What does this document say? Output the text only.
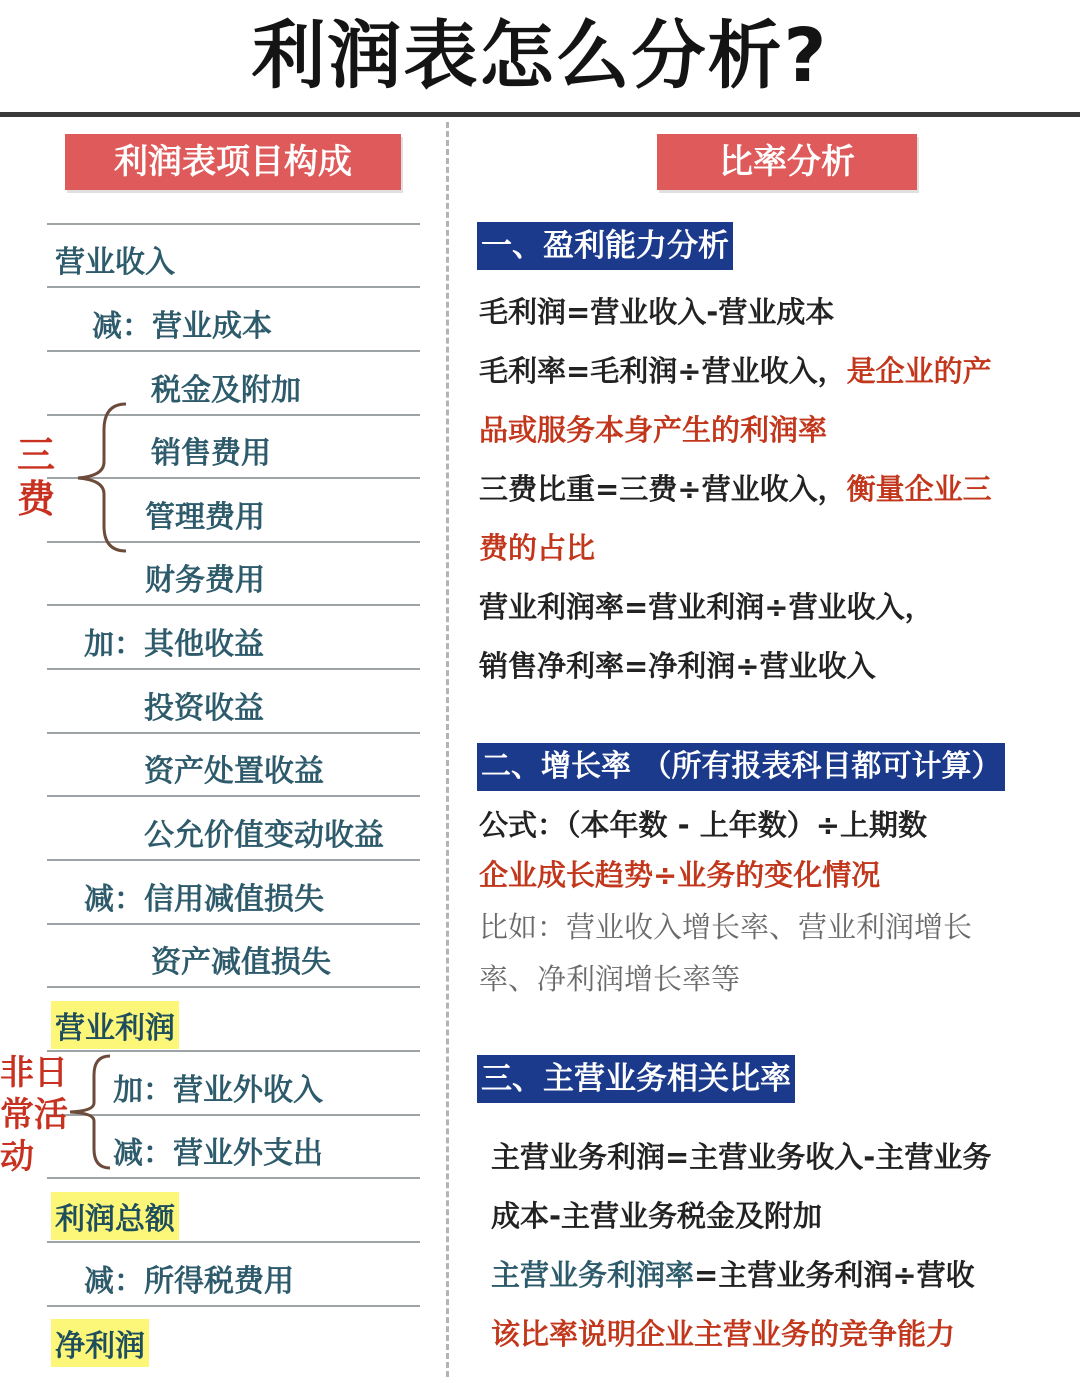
利润表怎么分析?
利润表项目构成	比率分析
营业收入
减：营业成本
税金及附加
销售费用
管理费用
财务费用
加：其他收益
投资收益
资产处置收益
公允价值变动收益
减：信用减值损失
资产减值损失
营业利润
加：营业外收入
减：营业外支出
利润总额
减：所得税费用
净利润
三
费
非日
常活
动
一、盈利能力分析
毛利润=营业收入-营业成本
毛利率=毛利润÷营业收入，是企业的产
品或服务本身产生的利润率
三费比重=三费÷营业收入，衡量企业三
费的占比
营业利润率=营业利润÷营业收入，
销售净利率=净利润÷营业收入
二、增长率 （所有报表科目都可计算）
公式：（本年数 - 上年数）÷上期数
企业成长趋势÷业务的变化情况
比如：营业收入增长率、营业利润增长
率、净利润增长率等
三、主营业务相关比率
主营业务利润=主营业务收入-主营业务
成本-主营业务税金及附加
主营业务利润率=主营业务利润÷营收
该比率说明企业主营业务的竞争能力
